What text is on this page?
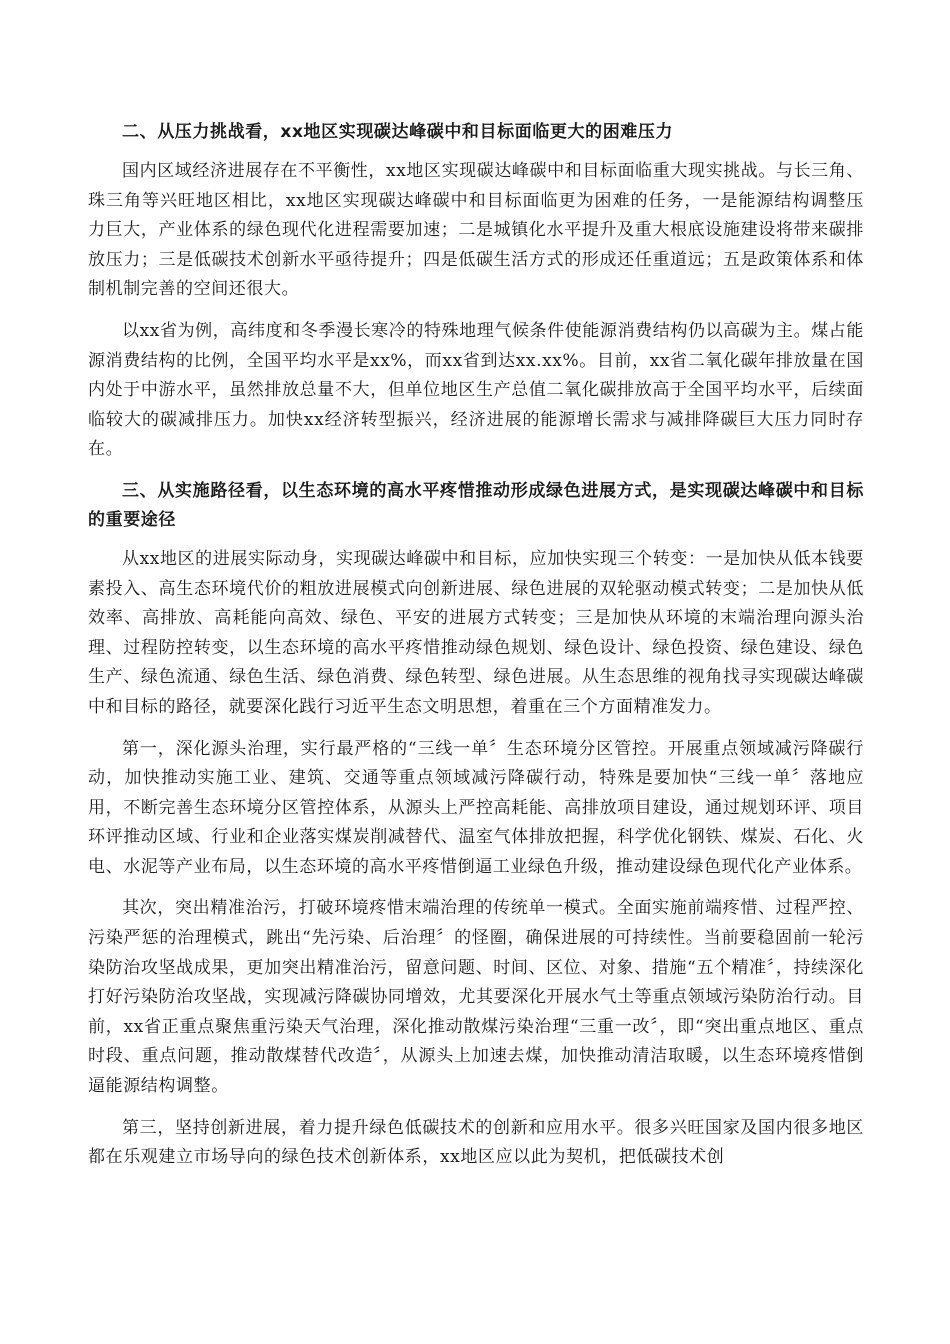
二、从压力挑战看，xx地区实现碳达峰碳中和目标面临更大的困难压力

国内区域经济进展存在不平衡性，xx地区实现碳达峰碳中和目标面临重大现实挑战。与长三角、珠三角等兴旺地区相比，xx地区实现碳达峰碳中和目标面临更为困难的任务，一是能源结构调整压力巨大，产业体系的绿色现代化进程需要加速；二是城镇化水平提升及重大根底设施建设将带来碳排放压力；三是低碳技术创新水平亟待提升；四是低碳生活方式的形成还任重道远；五是政策体系和体制机制完善的空间还很大。

以xx省为例，高纬度和冬季漫长寒冷的特殊地理气候条件使能源消费结构仍以高碳为主。煤占能源消费结构的比例，全国平均水平是xx%，而xx省到达xx.xx%。目前，xx省二氧化碳年排放量在国内处于中游水平，虽然排放总量不大，但单位地区生产总值二氧化碳排放高于全国平均水平，后续面临较大的碳减排压力。加快xx经济转型振兴，经济进展的能源增长需求与减排降碳巨大压力同时存在。

三、从实施路径看，以生态环境的高水平疼惜推动形成绿色进展方式，是实现碳达峰碳中和目标的重要途径

从xx地区的进展实际动身，实现碳达峰碳中和目标，应加快实现三个转变：一是加快从低本钱要素投入、高生态环境代价的粗放进展模式向创新进展、绿色进展的双轮驱动模式转变；二是加快从低效率、高排放、高耗能向高效、绿色、平安的进展方式转变；三是加快从环境的末端治理向源头治理、过程防控转变，以生态环境的高水平疼惜推动绿色规划、绿色设计、绿色投资、绿色建设、绿色生产、绿色流通、绿色生活、绿色消费、绿色转型、绿色进展。从生态思维的视角找寻实现碳达峰碳中和目标的路径，就要深化践行习近平生态文明思想，着重在三个方面精准发力。

第一，深化源头治理，实行最严格的“三线一单〞生态环境分区管控。开展重点领域减污降碳行动，加快推动实施工业、建筑、交通等重点领域减污降碳行动，特殊是要加快“三线一单〞落地应用，不断完善生态环境分区管控体系，从源头上严控高耗能、高排放项目建设，通过规划环评、项目环评推动区域、行业和企业落实煤炭削减替代、温室气体排放把握，科学优化钢铁、煤炭、石化、火电、水泥等产业布局，以生态环境的高水平疼惜倒逼工业绿色升级，推动建设绿色现代化产业体系。

其次，突出精准治污，打破环境疼惜末端治理的传统单一模式。全面实施前端疼惜、过程严控、污染严惩的治理模式，跳出“先污染、后治理〞的怪圈，确保进展的可持续性。当前要稳固前一轮污染防治攻坚战成果，更加突出精准治污，留意问题、时间、区位、对象、措施“五个精准〞，持续深化打好污染防治攻坚战，实现减污降碳协同增效，尤其要深化开展水气土等重点领域污染防治行动。目前，xx省正重点聚焦重污染天气治理，深化推动散煤污染治理“三重一改〞，即“突出重点地区、重点时段、重点问题，推动散煤替代改造〞，从源头上加速去煤，加快推动清洁取暖，以生态环境疼惜倒逼能源结构调整。

第三，坚持创新进展，着力提升绿色低碳技术的创新和应用水平。很多兴旺国家及国内很多地区都在乐观建立市场导向的绿色技术创新体系，xx地区应以此为契机，把低碳技术创
